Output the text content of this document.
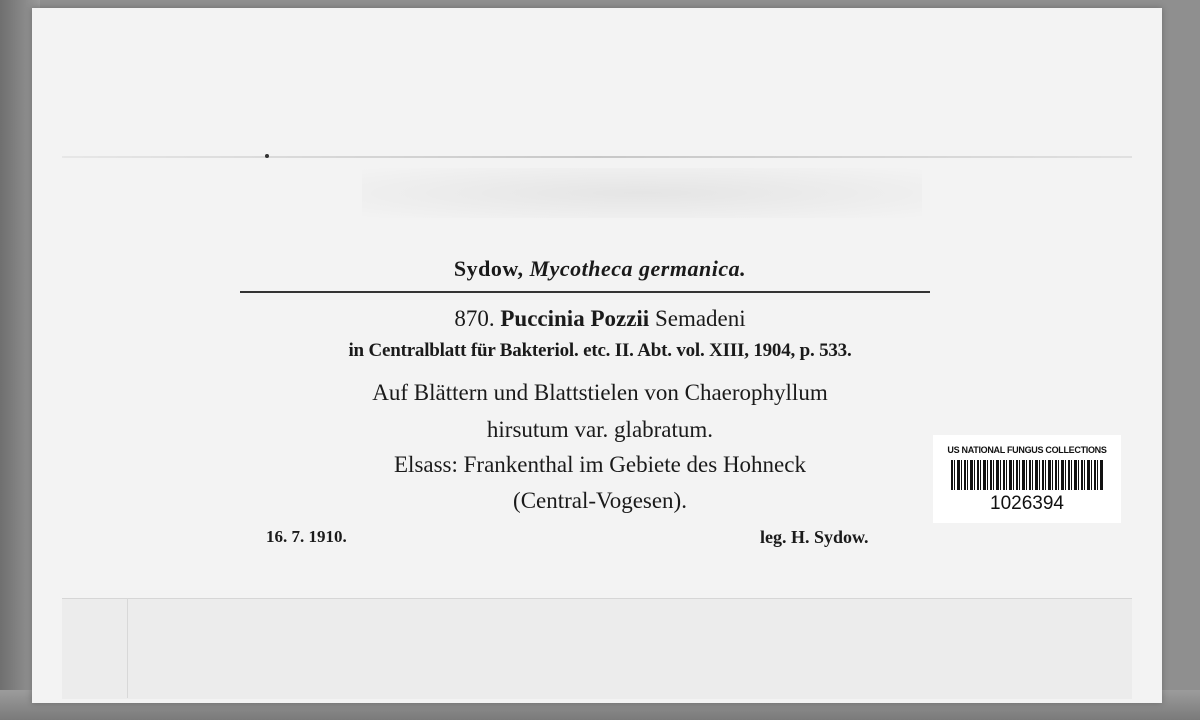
Sydow, Mycotheca germanica.
870. Puccinia Pozzii Semadeni
in Centralblatt für Bakteriol. etc. II. Abt. vol. XIII, 1904, p. 533.
Auf Blättern und Blattstielen von Chaerophyllum
hirsutum var. glabratum.
Elsass: Frankenthal im Gebiete des Hohneck
(Central-Vogesen).
16. 7. 1910.	leg. H. Sydow.
US NATIONAL FUNGUS COLLECTIONS
1026394
